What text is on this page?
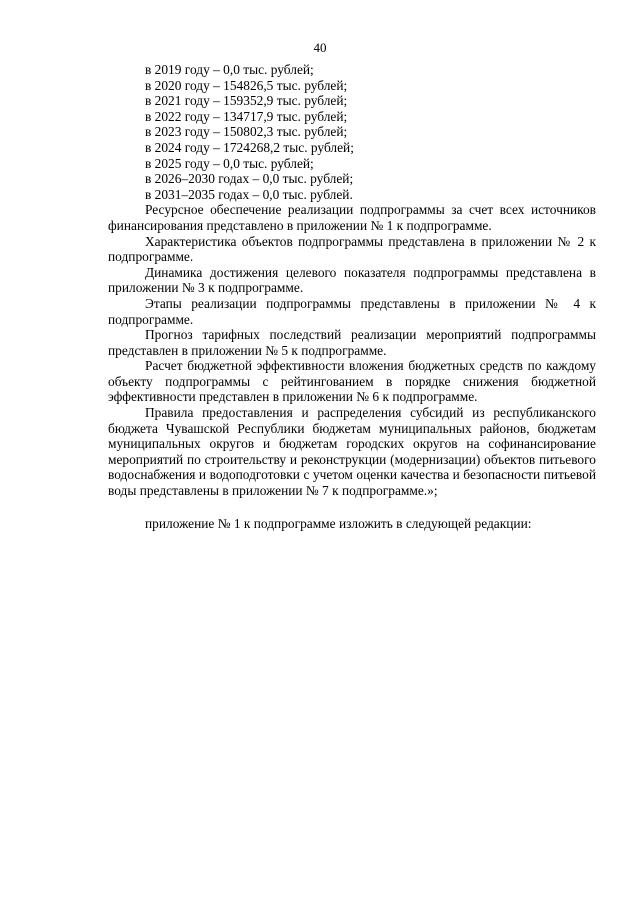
40

в 2019 году – 0,0 тыс. рублей;

в 2020 году – 154826,5 тыс. рублей;

в 2021 году – 159352,9 тыс. рублей;

в 2022 году – 134717,9 тыс. рублей;

в 2023 году – 150802,3 тыс. рублей;

в 2024 году – 1724268,2 тыс. рублей;

в 2025 году – 0,0 тыс. рублей;

в 2026–2030 годах – 0,0 тыс. рублей;

в 2031–2035 годах – 0,0 тыс. рублей.

Ресурсное обеспечение реализации подпрограммы за счет всех источников финансирования представлено в приложении № 1 к подпрограмме.

Характеристика объектов подпрограммы представлена в приложении № 2 к подпрограмме.

Динамика достижения целевого показателя подпрограммы представлена в приложении № 3 к подпрограмме.

Этапы реализации подпрограммы представлены в приложении № 4 к подпрограмме.

Прогноз тарифных последствий реализации мероприятий подпрограммы представлен в приложении № 5 к подпрограмме.

Расчет бюджетной эффективности вложения бюджетных средств по каждому объекту подпрограммы с рейтингованием в порядке снижения бюджетной эффективности представлен в приложении № 6 к подпрограмме.

Правила предоставления и распределения субсидий из республиканского бюджета Чувашской Республики бюджетам муниципальных районов, бюджетам муниципальных округов и бюджетам городских округов на софинансирование мероприятий по строительству и реконструкции (модернизации) объектов питьевого водоснабжения и водоподготовки с учетом оценки качества и безопасности питьевой воды представлены в приложении № 7 к подпрограмме.»;

приложение № 1 к подпрограмме изложить в следующей редакции:
